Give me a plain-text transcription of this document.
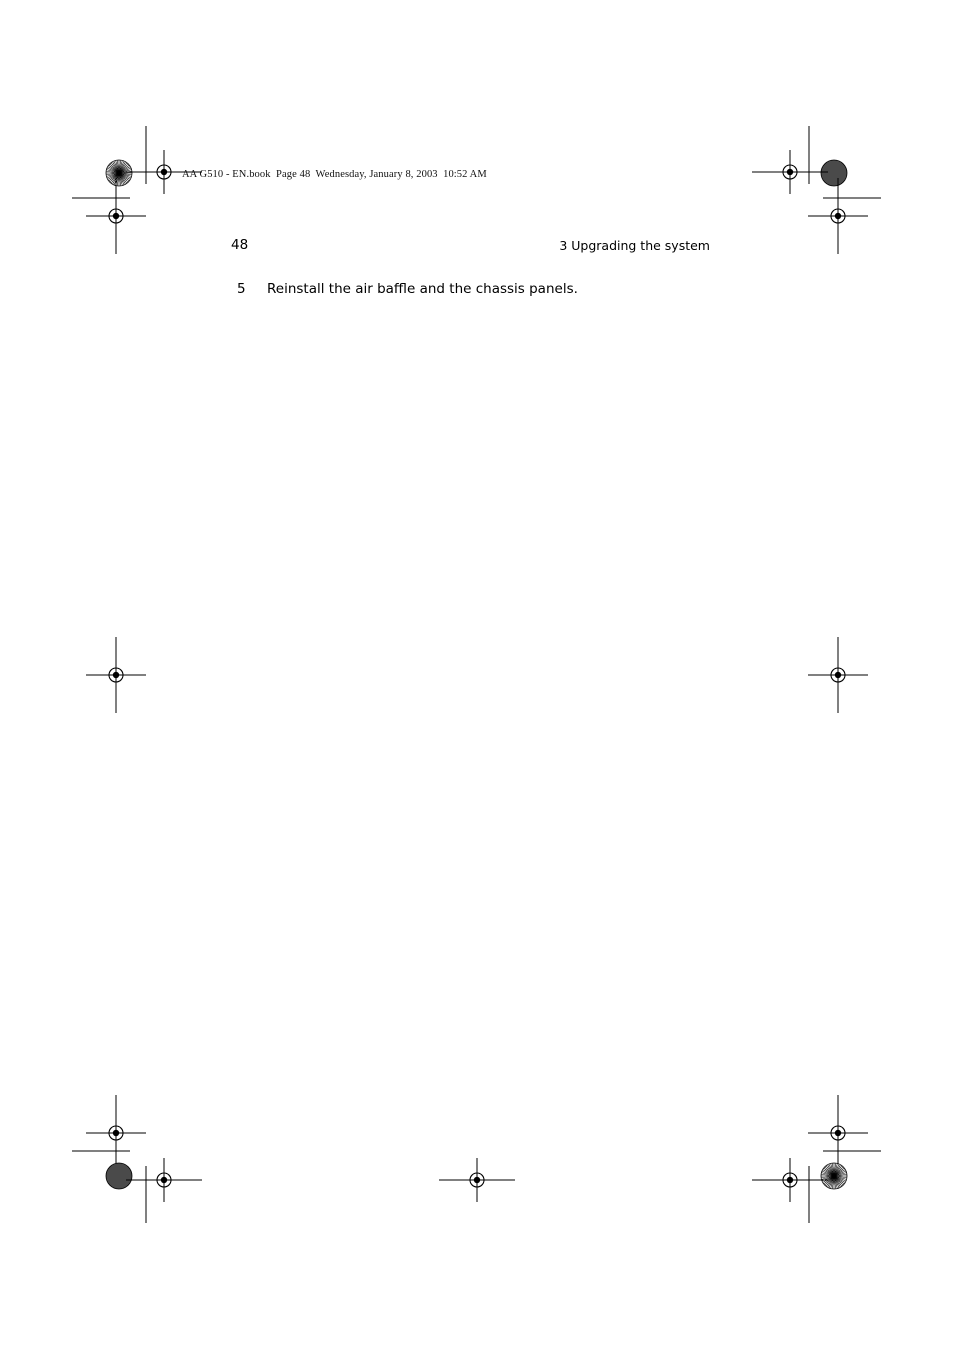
AA G510 - EN.book  Page 48  Wednesday, January 8, 2003  10:52 AM
48	3 Upgrading the system
5 Reinstall the air baffle and the chassis panels.
